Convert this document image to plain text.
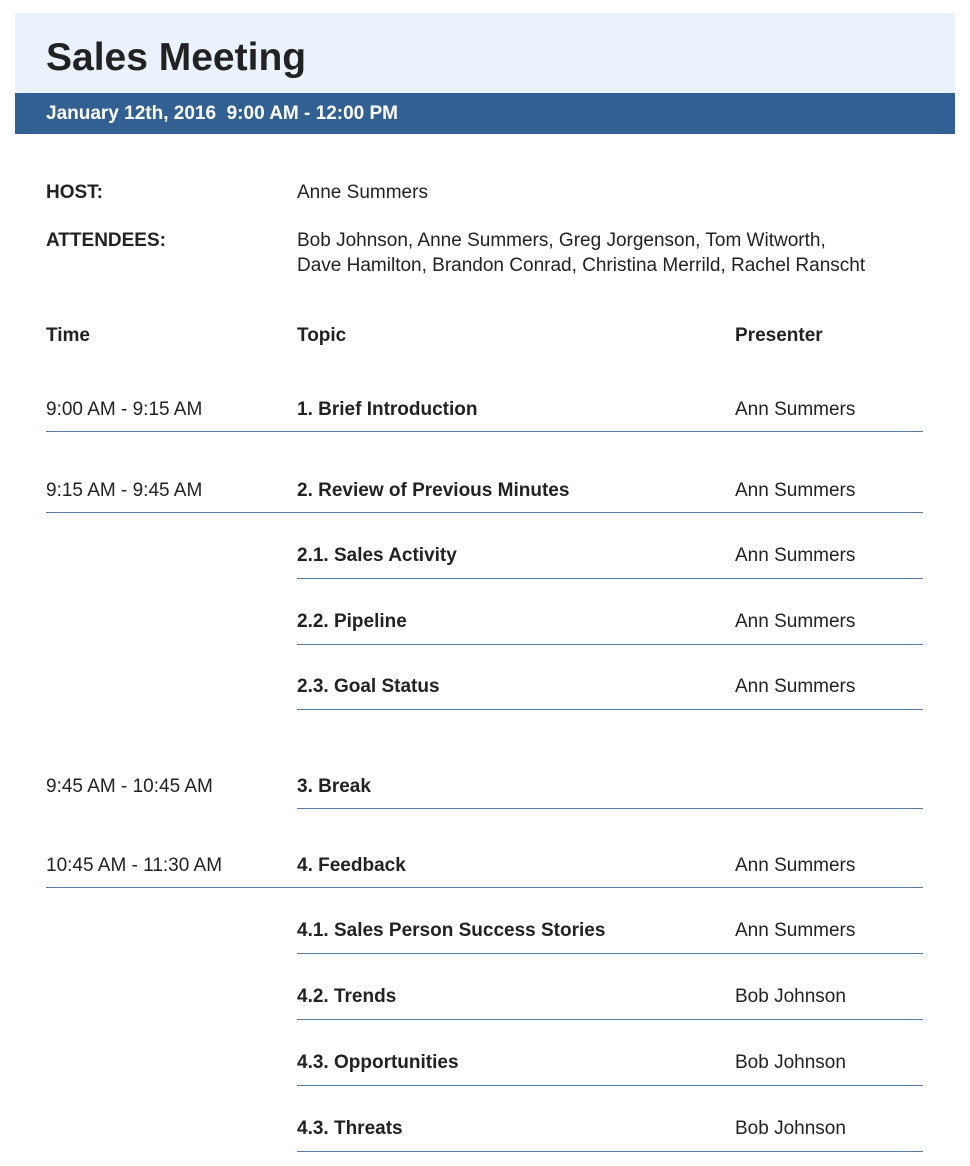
Sales Meeting
January 12th, 2016  9:00 AM - 12:00 PM
HOST:	Anne Summers
ATTENDEES:	Bob Johnson, Anne Summers, Greg Jorgenson, Tom Witworth,
Dave Hamilton, Brandon Conrad, Christina Merrild, Rachel Ranscht
Time	Topic	Presenter
9:00 AM - 9:15 AM	1. Brief Introduction	Ann Summers
9:15 AM - 9:45 AM	2. Review of Previous Minutes	Ann Summers
2.1. Sales Activity	Ann Summers
2.2. Pipeline	Ann Summers
2.3. Goal Status	Ann Summers
9:45 AM - 10:45 AM	3. Break
10:45 AM - 11:30 AM	4. Feedback	Ann Summers
4.1. Sales Person Success Stories	Ann Summers
4.2. Trends	Bob Johnson
4.3. Opportunities	Bob Johnson
4.3. Threats	Bob Johnson
